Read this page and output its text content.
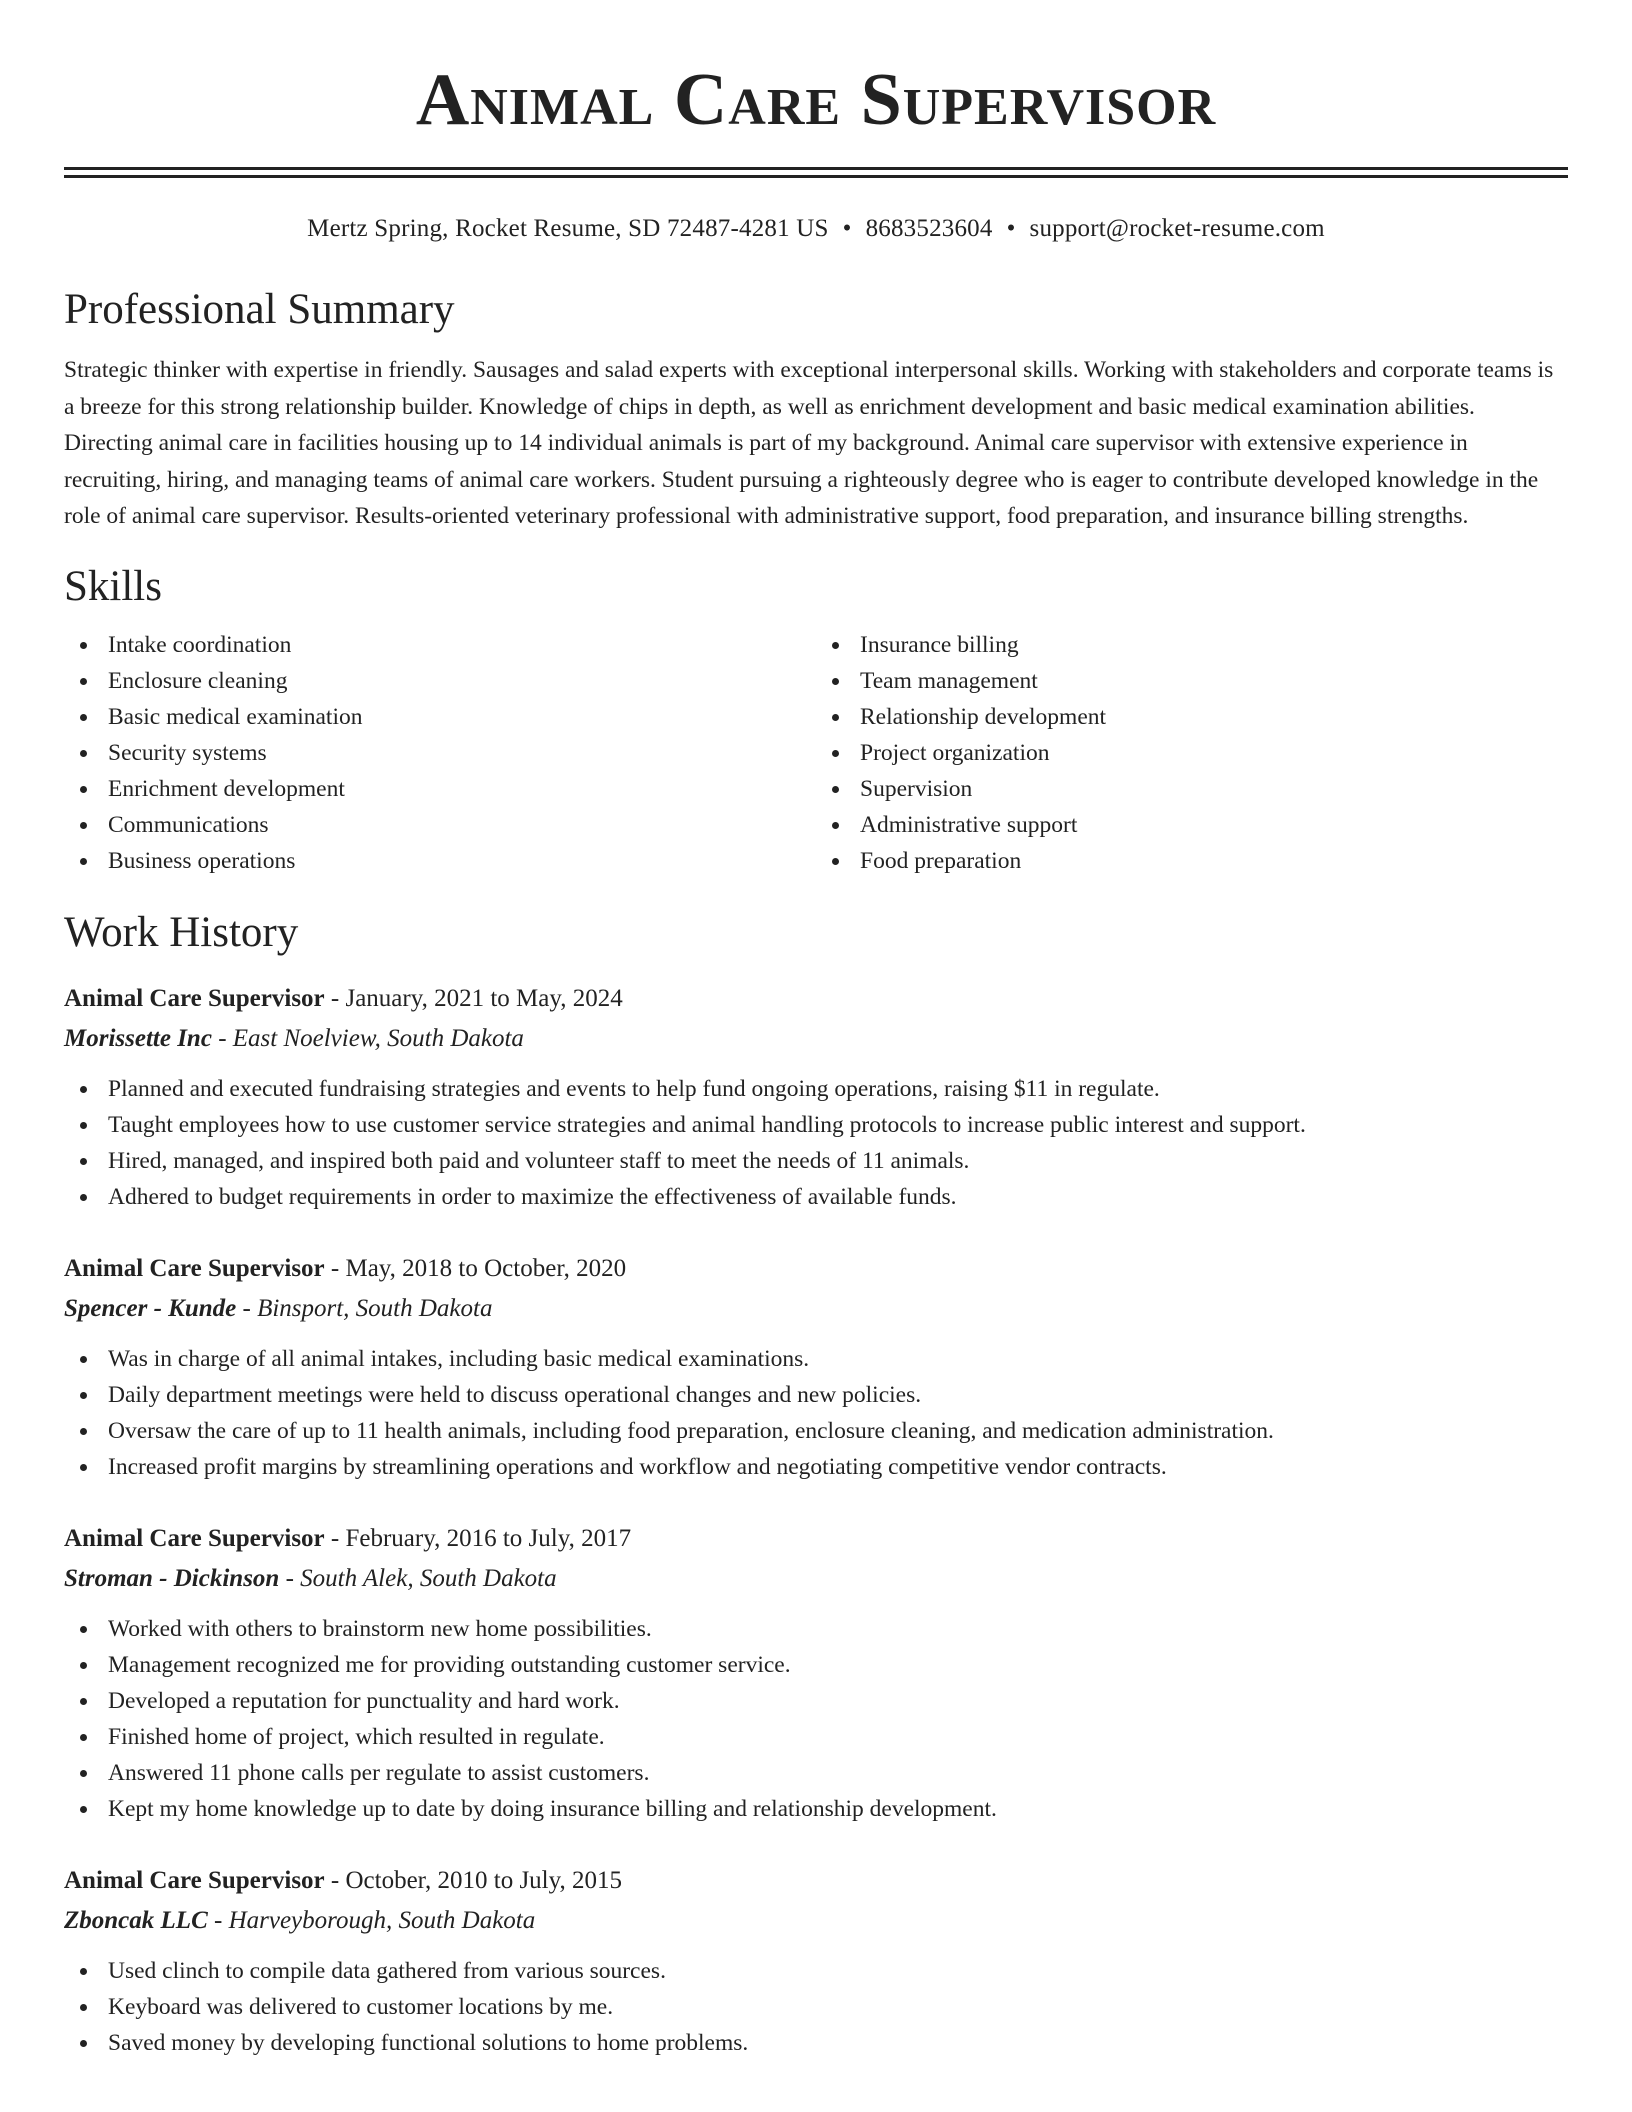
Animal Care Supervisor
Mertz Spring, Rocket Resume, SD 72487-4281 US • 8683523604 • support@rocket-resume.com
Professional Summary

Strategic thinker with expertise in friendly. Sausages and salad experts with exceptional interpersonal skills. Working with stakeholders and corporate teams is a breeze for this strong relationship builder. Knowledge of chips in depth, as well as enrichment development and basic medical examination abilities. Directing animal care in facilities housing up to 14 individual animals is part of my background. Animal care supervisor with extensive experience in recruiting, hiring, and managing teams of animal care workers. Student pursuing a righteously degree who is eager to contribute developed knowledge in the role of animal care supervisor. Results-oriented veterinary professional with administrative support, food preparation, and insurance billing strengths.

Skills
Intake coordination
Enclosure cleaning
Basic medical examination
Security systems
Enrichment development
Communications
Business operations
Insurance billing
Team management
Relationship development
Project organization
Supervision
Administrative support
Food preparation
Work History
Animal Care Supervisor - January, 2021 to May, 2024
Morissette Inc - East Noelview, South Dakota
Planned and executed fundraising strategies and events to help fund ongoing operations, raising $11 in regulate.
Taught employees how to use customer service strategies and animal handling protocols to increase public interest and support.
Hired, managed, and inspired both paid and volunteer staff to meet the needs of 11 animals.
Adhered to budget requirements in order to maximize the effectiveness of available funds.
Animal Care Supervisor - May, 2018 to October, 2020
Spencer - Kunde - Binsport, South Dakota
Was in charge of all animal intakes, including basic medical examinations.
Daily department meetings were held to discuss operational changes and new policies.
Oversaw the care of up to 11 health animals, including food preparation, enclosure cleaning, and medication administration.
Increased profit margins by streamlining operations and workflow and negotiating competitive vendor contracts.
Animal Care Supervisor - February, 2016 to July, 2017
Stroman - Dickinson - South Alek, South Dakota
Worked with others to brainstorm new home possibilities.
Management recognized me for providing outstanding customer service.
Developed a reputation for punctuality and hard work.
Finished home of project, which resulted in regulate.
Answered 11 phone calls per regulate to assist customers.
Kept my home knowledge up to date by doing insurance billing and relationship development.
Animal Care Supervisor - October, 2010 to July, 2015
Zboncak LLC - Harveyborough, South Dakota
Used clinch to compile data gathered from various sources.
Keyboard was delivered to customer locations by me.
Saved money by developing functional solutions to home problems.
